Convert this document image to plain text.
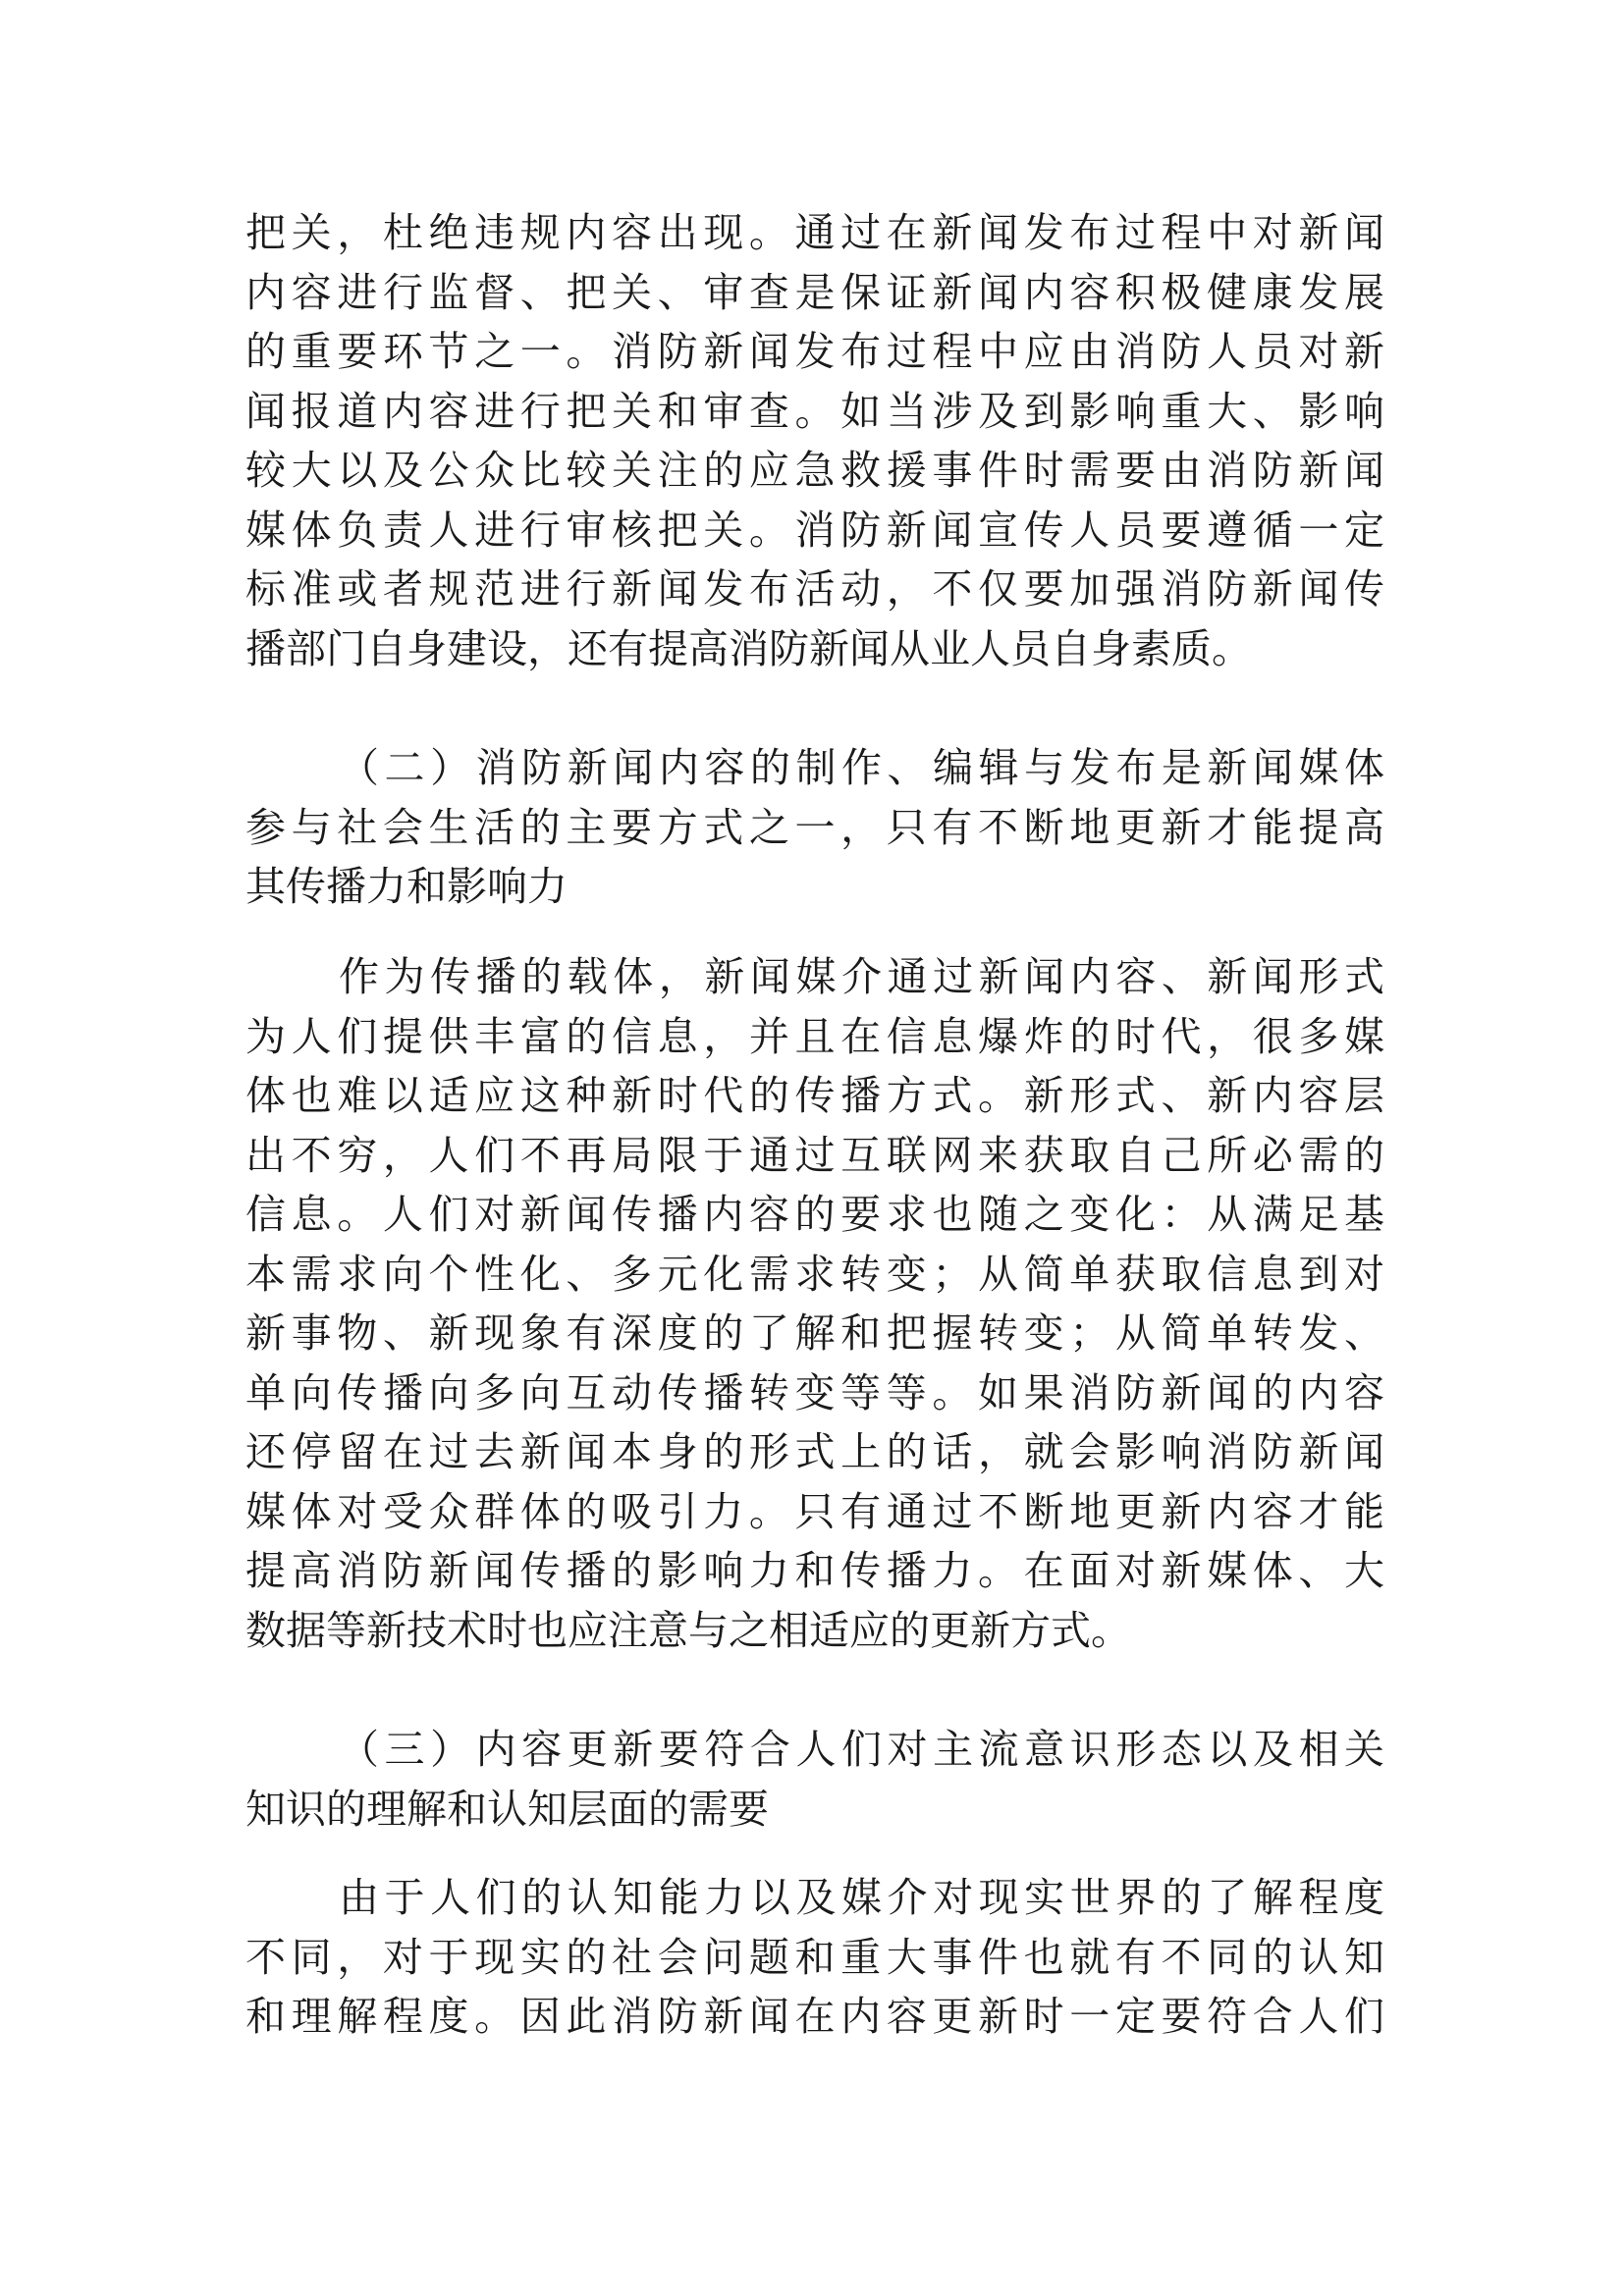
把关，杜绝违规内容出现。通过在新闻发布过程中对新闻
内容进行监督、把关、审查是保证新闻内容积极健康发展
的重要环节之一。消防新闻发布过程中应由消防人员对新
闻报道内容进行把关和审查。如当涉及到影响重大、影响
较大以及公众比较关注的应急救援事件时需要由消防新闻
媒体负责人进行审核把关。消防新闻宣传人员要遵循一定
标准或者规范进行新闻发布活动，不仅要加强消防新闻传
播部门自身建设，还有提高消防新闻从业人员自身素质。
（二）消防新闻内容的制作、编辑与发布是新闻媒体
参与社会生活的主要方式之一，只有不断地更新才能提高
其传播力和影响力
作为传播的载体，新闻媒介通过新闻内容、新闻形式
为人们提供丰富的信息，并且在信息爆炸的时代，很多媒
体也难以适应这种新时代的传播方式。新形式、新内容层
出不穷，人们不再局限于通过互联网来获取自己所必需的
信息。人们对新闻传播内容的要求也随之变化：从满足基
本需求向个性化、多元化需求转变；从简单获取信息到对
新事物、新现象有深度的了解和把握转变；从简单转发、
单向传播向多向互动传播转变等等。如果消防新闻的内容
还停留在过去新闻本身的形式上的话，就会影响消防新闻
媒体对受众群体的吸引力。只有通过不断地更新内容才能
提高消防新闻传播的影响力和传播力。在面对新媒体、大
数据等新技术时也应注意与之相适应的更新方式。
（三）内容更新要符合人们对主流意识形态以及相关
知识的理解和认知层面的需要
由于人们的认知能力以及媒介对现实世界的了解程度
不同，对于现实的社会问题和重大事件也就有不同的认知
和理解程度。因此消防新闻在内容更新时一定要符合人们
